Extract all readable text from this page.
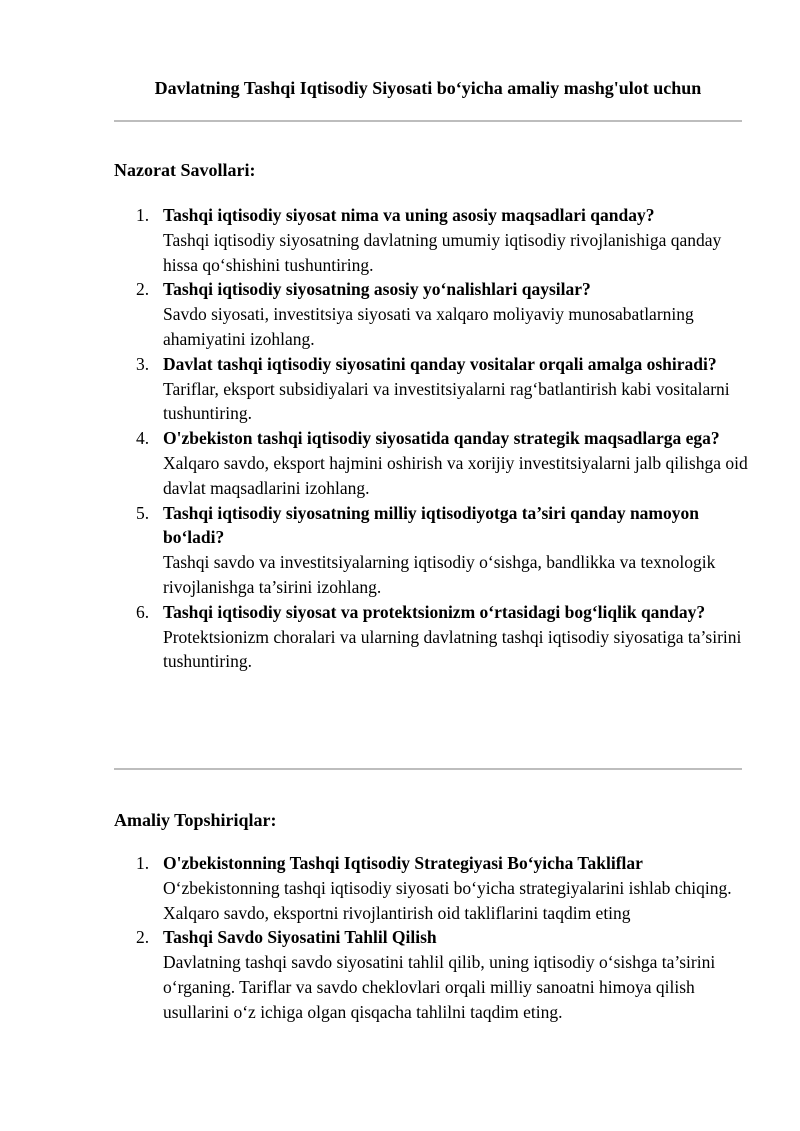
Davlatning Tashqi Iqtisodiy Siyosati bo‘yicha amaliy mashg'ulot uchun
Nazorat Savollari:
1. Tashqi iqtisodiy siyosat nima va uning asosiy maqsadlari qanday?
Tashqi iqtisodiy siyosatning davlatning umumiy iqtisodiy rivojlanishiga qanday hissa qo‘shishini tushuntiring.
2. Tashqi iqtisodiy siyosatning asosiy yo‘nalishlari qaysilar?
Savdo siyosati, investitsiya siyosati va xalqaro moliyaviy munosabatlarning ahamiyatini izohlang.
3. Davlat tashqi iqtisodiy siyosatini qanday vositalar orqali amalga oshiradi?
Tariflar, eksport subsidiyalari va investitsiyalarni rag‘batlantirish kabi vositalarni tushuntiring.
4. O'zbekiston tashqi iqtisodiy siyosatida qanday strategik maqsadlarga ega?
Xalqaro savdo, eksport hajmini oshirish va xorijiy investitsiyalarni jalb qilishga oid davlat maqsadlarini izohlang.
5. Tashqi iqtisodiy siyosatning milliy iqtisodiyotga ta’siri qanday namoyon bo‘ladi?
Tashqi savdo va investitsiyalarning iqtisodiy o‘sishga, bandlikka va texnologik rivojlanishga ta’sirini izohlang.
6. Tashqi iqtisodiy siyosat va protektsionizm o‘rtasidagi bog‘liqlik qanday?
Protektsionizm choralari va ularning davlatning tashqi iqtisodiy siyosatiga ta’sirini tushuntiring.
Amaliy Topshiriqlar:
1. O'zbekistonning Tashqi Iqtisodiy Strategiyasi Bo‘yicha Takliflar
O‘zbekistonning tashqi iqtisodiy siyosati bo‘yicha strategiyalarini ishlab chiqing. Xalqaro savdo, eksportni rivojlantirish oid takliflarini taqdim eting
2. Tashqi Savdo Siyosatini Tahlil Qilish
Davlatning tashqi savdo siyosatini tahlil qilib, uning iqtisodiy o‘sishga ta’sirini o‘rganing. Tariflar va savdo cheklovlari orqali milliy sanoatni himoya qilish usullarini o‘z ichiga olgan qisqacha tahlilni taqdim eting.
